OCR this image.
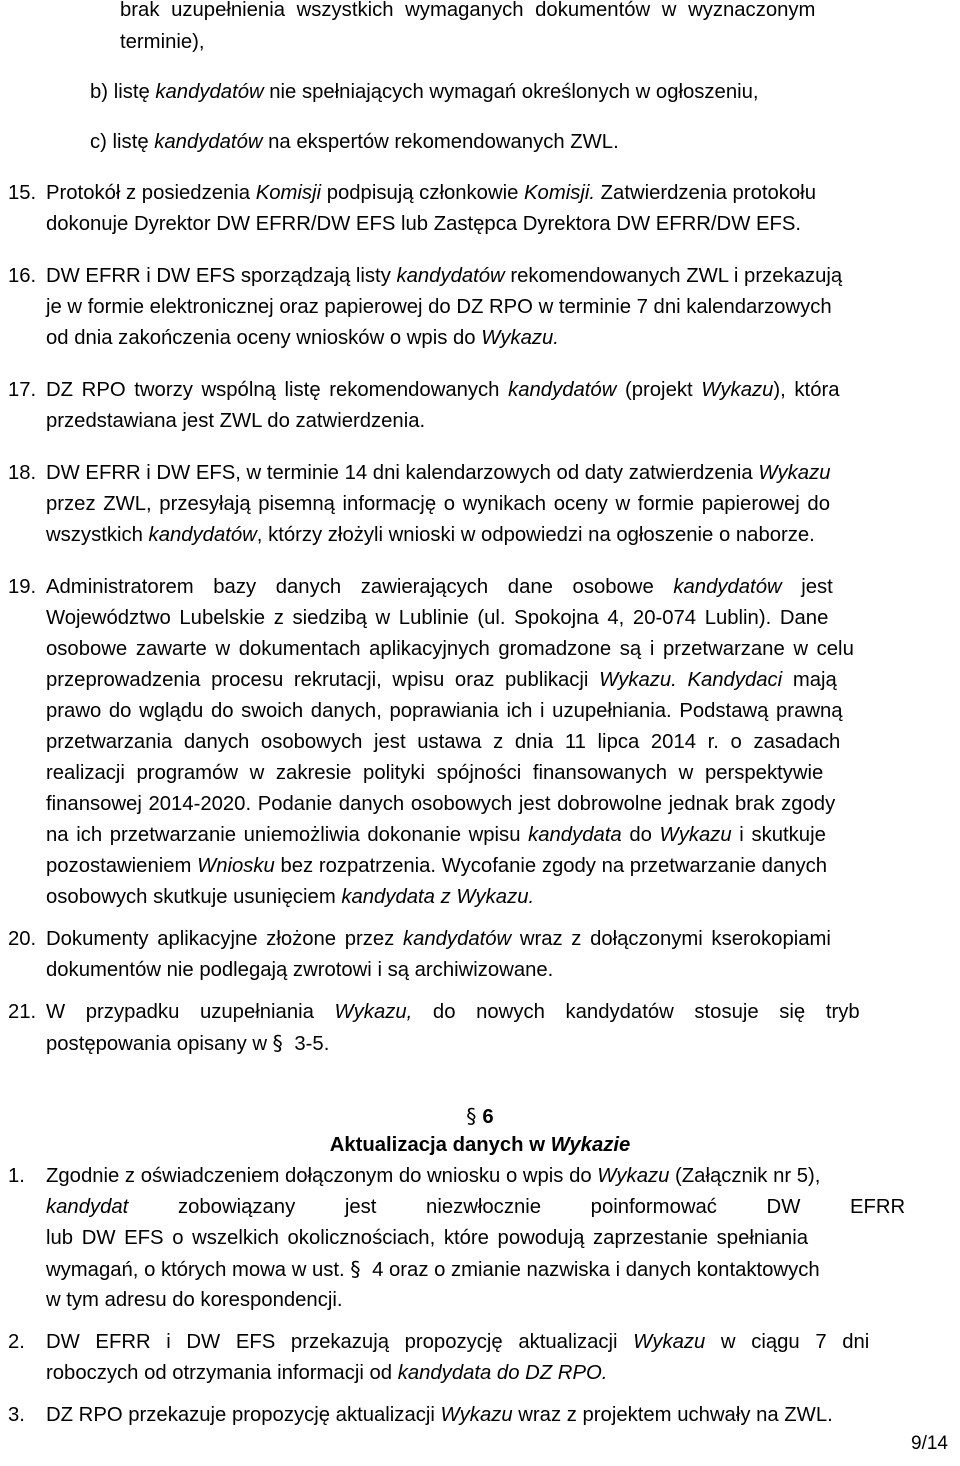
brak uzupełnienia wszystkich wymaganych dokumentów w wyznaczonym
terminie),
b) listę kandydatów nie spełniających wymagań określonych w ogłoszeniu,
c) listę kandydatów na ekspertów rekomendowanych ZWL.
15. Protokół z posiedzenia Komisji podpisują członkowie Komisji. Zatwierdzenia protokołu
dokonuje Dyrektor DW EFRR/DW EFS lub Zastępca Dyrektora DW EFRR/DW EFS.
16. DW EFRR i DW EFS sporządzają listy kandydatów rekomendowanych ZWL i przekazują
je w formie elektronicznej oraz papierowej do DZ RPO w terminie 7 dni kalendarzowych
od dnia zakończenia oceny wniosków o wpis do Wykazu.
17. DZ RPO tworzy wspólną listę rekomendowanych kandydatów (projekt Wykazu), która
przedstawiana jest ZWL do zatwierdzenia.
18. DW EFRR i DW EFS, w terminie 14 dni kalendarzowych od daty zatwierdzenia Wykazu
przez ZWL, przesyłają pisemną informację o wynikach oceny w formie papierowej do
wszystkich kandydatów, którzy złożyli wnioski w odpowiedzi na ogłoszenie o naborze.
19. Administratorem bazy danych zawierających dane osobowe kandydatów jest
Województwo Lubelskie z siedzibą w Lublinie (ul. Spokojna 4, 20-074 Lublin). Dane
osobowe zawarte w dokumentach aplikacyjnych gromadzone są i przetwarzane w celu
przeprowadzenia procesu rekrutacji, wpisu oraz publikacji Wykazu. Kandydaci mają
prawo do wglądu do swoich danych, poprawiania ich i uzupełniania. Podstawą prawną
przetwarzania danych osobowych jest ustawa z dnia 11 lipca 2014 r. o zasadach
realizacji programów w zakresie polityki spójności finansowanych w perspektywie
finansowej 2014-2020. Podanie danych osobowych jest dobrowolne jednak brak zgody
na ich przetwarzanie uniemożliwia dokonanie wpisu kandydata do Wykazu i skutkuje
pozostawieniem Wniosku bez rozpatrzenia. Wycofanie zgody na przetwarzanie danych
osobowych skutkuje usunięciem kandydata z Wykazu.
20. Dokumenty aplikacyjne złożone przez kandydatów wraz z dołączonymi kserokopiami
dokumentów nie podlegają zwrotowi i są archiwizowane.
21. W przypadku uzupełniania Wykazu, do nowych kandydatów stosuje się tryb
postępowania opisany w § 3-5.
§ 6
Aktualizacja danych w Wykazie
1. Zgodnie z oświadczeniem dołączonym do wniosku o wpis do Wykazu (Załącznik nr 5),
kandydat zobowiązany jest niezwłocznie poinformować DW EFRR
lub DW EFS o wszelkich okolicznościach, które powodują zaprzestanie spełniania
wymagań, o których mowa w ust. § 4 oraz o zmianie nazwiska i danych kontaktowych
w tym adresu do korespondencji.
2. DW EFRR i DW EFS przekazują propozycję aktualizacji Wykazu w ciągu 7 dni
roboczych od otrzymania informacji od kandydata do DZ RPO.
3. DZ RPO przekazuje propozycję aktualizacji Wykazu wraz z projektem uchwały na ZWL.
9/14
